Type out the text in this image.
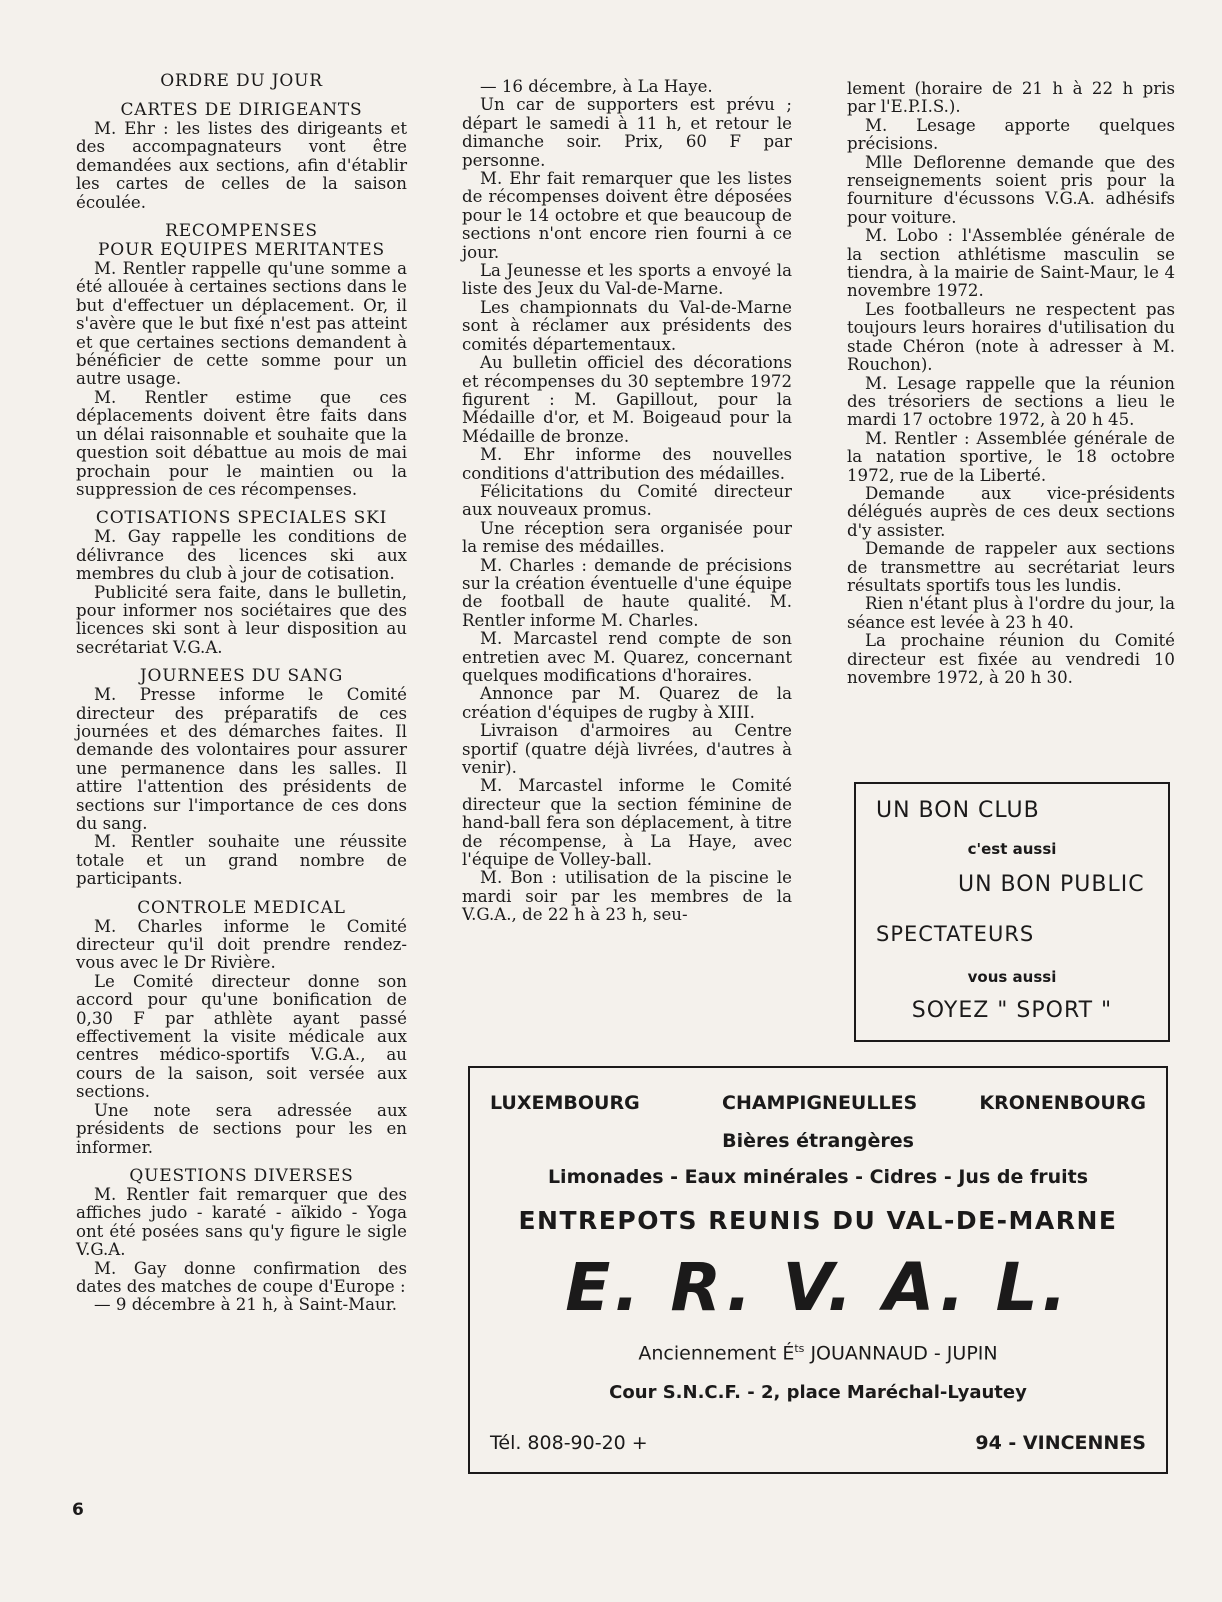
ORDRE DU JOUR
CARTES DE DIRIGEANTS

M. Ehr : les listes des dirigeants et des accompagnateurs vont être demandées aux sections, afin d'établir les cartes de celles de la saison écoulée.

RECOMPENSES
POUR EQUIPES MERITANTES

M. Rentler rappelle qu'une somme a été allouée à certaines sections dans le but d'effectuer un déplacement. Or, il s'avère que le but fixé n'est pas atteint et que certaines sections demandent à bénéficier de cette somme pour un autre usage.

M. Rentler estime que ces déplacements doivent être faits dans un délai raisonnable et souhaite que la question soit débattue au mois de mai prochain pour le maintien ou la suppression de ces récompenses.

COTISATIONS SPECIALES SKI

M. Gay rappelle les conditions de délivrance des licences ski aux membres du club à jour de cotisation.

Publicité sera faite, dans le bulletin, pour informer nos sociétaires que des licences ski sont à leur disposition au secrétariat V.G.A.

JOURNEES DU SANG

M. Presse informe le Comité directeur des préparatifs de ces journées et des démarches faites. Il demande des volontaires pour assurer une permanence dans les salles. Il attire l'attention des présidents de sections sur l'importance de ces dons du sang.

M. Rentler souhaite une réussite totale et un grand nombre de participants.

CONTROLE MEDICAL

M. Charles informe le Comité directeur qu'il doit prendre rendez-vous avec le Dr Rivière.

Le Comité directeur donne son accord pour qu'une bonification de 0,30 F par athlète ayant passé effectivement la visite médicale aux centres médico-sportifs V.G.A., au cours de la saison, soit versée aux sections.

Une note sera adressée aux présidents de sections pour les en informer.

QUESTIONS DIVERSES

M. Rentler fait remarquer que des affiches judo - karaté - aïkido - Yoga ont été posées sans qu'y figure le sigle V.G.A.

M. Gay donne confirmation des dates des matches de coupe d'Europe :

— 9 décembre à 21 h, à Saint-Maur.

— 16 décembre, à La Haye.

Un car de supporters est prévu ; départ le samedi à 11 h, et retour le dimanche soir. Prix, 60 F par personne.

M. Ehr fait remarquer que les listes de récompenses doivent être déposées pour le 14 octobre et que beaucoup de sections n'ont encore rien fourni à ce jour.

La Jeunesse et les sports a envoyé la liste des Jeux du Val-de-Marne.

Les championnats du Val-de-Marne sont à réclamer aux présidents des comités départementaux.

Au bulletin officiel des décorations et récompenses du 30 septembre 1972 figurent : M. Gapillout, pour la Médaille d'or, et M. Boigeaud pour la Médaille de bronze.

M. Ehr informe des nouvelles conditions d'attribution des médailles.

Félicitations du Comité directeur aux nouveaux promus.

Une réception sera organisée pour la remise des médailles.

M. Charles : demande de précisions sur la création éventuelle d'une équipe de football de haute qualité. M. Rentler informe M. Charles.

M. Marcastel rend compte de son entretien avec M. Quarez, concernant quelques modifications d'horaires.

Annonce par M. Quarez de la création d'équipes de rugby à XIII.

Livraison d'armoires au Centre sportif (quatre déjà livrées, d'autres à venir).

M. Marcastel informe le Comité directeur que la section féminine de hand-ball fera son déplacement, à titre de récompense, à La Haye, avec l'équipe de Volley-ball.

M. Bon : utilisation de la piscine le mardi soir par les membres de la V.G.A., de 22 h à 23 h, seu-

lement (horaire de 21 h à 22 h pris par l'E.P.I.S.).

M. Lesage apporte quelques précisions.

Mlle Deflorenne demande que des renseignements soient pris pour la fourniture d'écussons V.G.A. adhésifs pour voiture.

M. Lobo : l'Assemblée générale de la section athlétisme masculin se tiendra, à la mairie de Saint-Maur, le 4 novembre 1972.

Les footballeurs ne respectent pas toujours leurs horaires d'utilisation du stade Chéron (note à adresser à M. Rouchon).

M. Lesage rappelle que la réunion des trésoriers de sections a lieu le mardi 17 octobre 1972, à 20 h 45.

M. Rentler : Assemblée générale de la natation sportive, le 18 octobre 1972, rue de la Liberté.

Demande aux vice-présidents délégués auprès de ces deux sections d'y assister.

Demande de rappeler aux sections de transmettre au secrétariat leurs résultats sportifs tous les lundis.

Rien n'étant plus à l'ordre du jour, la séance est levée à 23 h 40.

La prochaine réunion du Comité directeur est fixée au vendredi 10 novembre 1972, à 20 h 30.

UN BON CLUB
c'est aussi
UN BON PUBLIC
SPECTATEURS
vous aussi
SOYEZ " SPORT "
LUXEMBOURG	CHAMPIGNEULLES	KRONENBOURG
Bières étrangères
Limonades - Eaux minérales - Cidres - Jus de fruits
ENTREPOTS REUNIS DU VAL-DE-MARNE
E. R. V. A. L.
Anciennement $É^{ts}$ JOUANNAUD - JUPIN
Cour S.N.C.F. - 2, place Maréchal-Lyautey
Tél. 808-90-20 +	94 - VINCENNES
6
